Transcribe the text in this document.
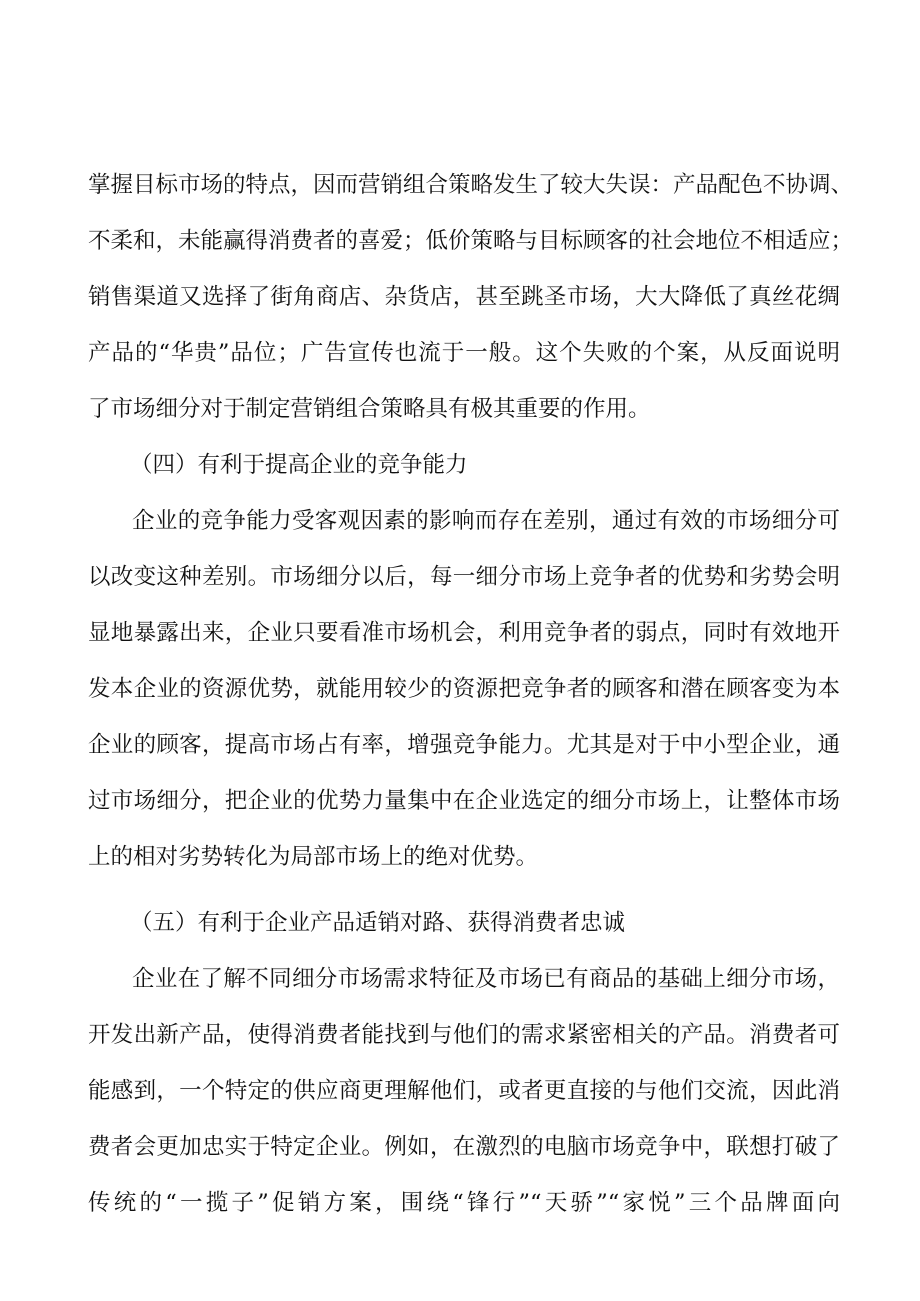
掌握目标市场的特点，因而营销组合策略发生了较大失误：产品配色不协调、
不柔和，未能赢得消费者的喜爱；低价策略与目标顾客的社会地位不相适应；
销售渠道又选择了街角商店、杂货店，甚至跳圣市场，大大降低了真丝花绸
产品的“华贵”品位；广告宣传也流于一般。这个失败的个案，从反面说明
了市场细分对于制定营销组合策略具有极其重要的作用。
（四）有利于提高企业的竞争能力
企业的竞争能力受客观因素的影响而存在差别，通过有效的市场细分可
以改变这种差别。市场细分以后，每一细分市场上竞争者的优势和劣势会明
显地暴露出来，企业只要看准市场机会，利用竞争者的弱点，同时有效地开
发本企业的资源优势，就能用较少的资源把竞争者的顾客和潜在顾客变为本
企业的顾客，提高市场占有率，增强竞争能力。尤其是对于中小型企业，通
过市场细分，把企业的优势力量集中在企业选定的细分市场上，让整体市场
上的相对劣势转化为局部市场上的绝对优势。
（五）有利于企业产品适销对路、获得消费者忠诚
企业在了解不同细分市场需求特征及市场已有商品的基础上细分市场，
开发出新产品，使得消费者能找到与他们的需求紧密相关的产品。消费者可
能感到，一个特定的供应商更理解他们，或者更直接的与他们交流，因此消
费者会更加忠实于特定企业。例如，在激烈的电脑市场竞争中，联想打破了
传统的“一揽子”促销方案，围绕“锋行”“天骄”“家悦”三个品牌面向
